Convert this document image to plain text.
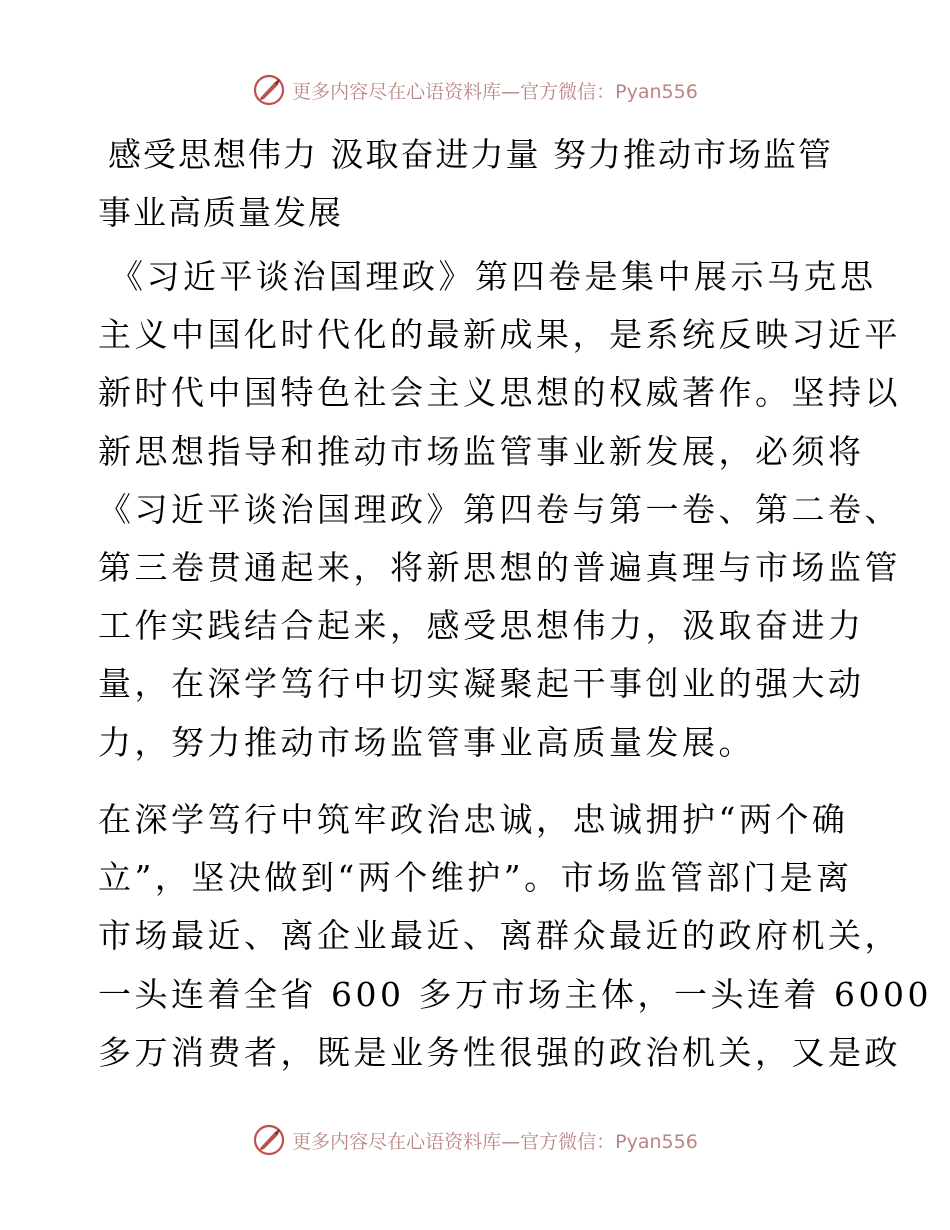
更多内容尽在心语资料库—官方微信：Pyan556
感受思想伟力 汲取奋进力量 努力推动市场监管
事业高质量发展
《习近平谈治国理政》第四卷是集中展示马克思
主义中国化时代化的最新成果，是系统反映习近平
新时代中国特色社会主义思想的权威著作。坚持以
新思想指导和推动市场监管事业新发展，必须将
《习近平谈治国理政》第四卷与第一卷、第二卷、
第三卷贯通起来，将新思想的普遍真理与市场监管
工作实践结合起来，感受思想伟力，汲取奋进力
量，在深学笃行中切实凝聚起干事创业的强大动
力，努力推动市场监管事业高质量发展。
在深学笃行中筑牢政治忠诚，忠诚拥护“两个确
立”，坚决做到“两个维护”。市场监管部门是离
市场最近、离企业最近、离群众最近的政府机关，
一头连着全省 600 多万市场主体，一头连着 6000
多万消费者，既是业务性很强的政治机关，又是政
更多内容尽在心语资料库—官方微信：Pyan556
